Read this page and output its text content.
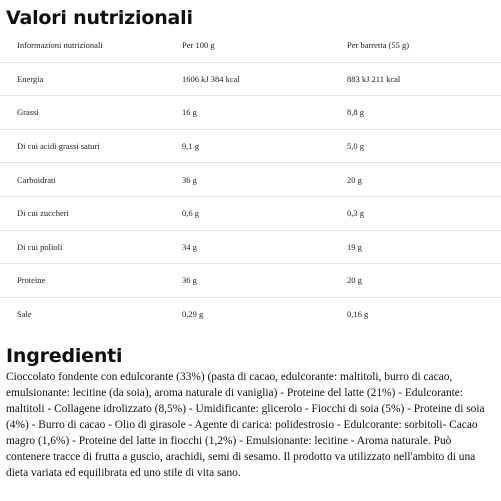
Valori nutrizionali
Informazioni nutrizionali	Per 100 g	Per barretta (55 g)
Energia	1606 kJ 384 kcal	883 kJ 211 kcal
Grassi	16 g	8,8 g
Di cui acidi grassi saturi	9,1 g	5,0 g
Carboidrati	36 g	20 g
Di cui zuccheri	0,6 g	0,3 g
Di cui polioli	34 g	19 g
Proteine	36 g	20 g
Sale	0,29 g	0,16 g
Ingredienti

Cioccolato fondente con edulcorante (33%) (pasta di cacao, edulcorante: maltitoli, burro di cacao, emulsionante: lecitine (da soia), aroma naturale di vaniglia) - Proteine del latte (21%) - Edulcorante: maltitoli - Collagene idrolizzato (8,5%) - Umidificante: glicerolo - Fiocchi di soia (5%) - Proteine di soia (4%) - Burro di cacao - Olio di girasole - Agente di carica: polidestrosio - Edulcorante: sorbitoli- Cacao magro (1,6%) - Proteine del latte in fiocchi (1,2%) - Emulsionante: lecitine - Aroma naturale. Può contenere tracce di frutta a guscio, arachidi, semi di sesamo. Il prodotto va utilizzato nell'ambito di una dieta variata ed equilibrata ed uno stile di vita sano.
